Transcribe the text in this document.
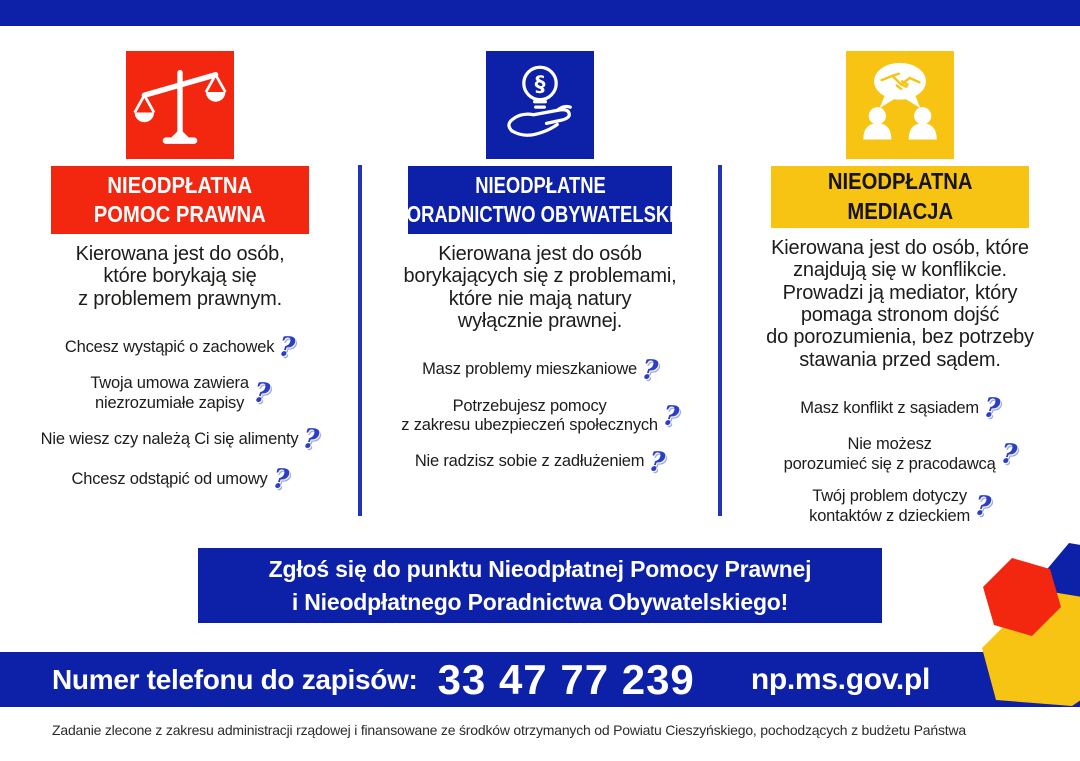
NIEODPŁATNA
POMOC PRAWNA
Kierowana jest do osób,
które borykają się
z problemem prawnym.
Chcesz wystąpić o zachowek ?
Twoja umowa zawiera
niezrozumiałe zapisy ?
Nie wiesz czy należą Ci się alimenty ?
Chcesz odstąpić od umowy ?
§
NIEODPŁATNE
PORADNICTWO OBYWATELSKIE
Kierowana jest do osób
borykających się z problemami,
które nie mają natury
wyłącznie prawnej.
Masz problemy mieszkaniowe ?
Potrzebujesz pomocy
z zakresu ubezpieczeń społecznych ?
Nie radzisz sobie z zadłużeniem ?
NIEODPŁATNA
MEDIACJA
Kierowana jest do osób, które
znajdują się w konflikcie.
Prowadzi ją mediator, który
pomaga stronom dojść
do porozumienia, bez potrzeby
stawania przed sądem.
Masz konflikt z sąsiadem ?
Nie możesz
porozumieć się z pracodawcą ?
Twój problem dotyczy
kontaktów z dzieckiem ?
Zgłoś się do punktu Nieodpłatnej Pomocy Prawnej
i Nieodpłatnego Poradnictwa Obywatelskiego!
Numer telefonu do zapisów: 33 47 77 239 np.ms.gov.pl
Zadanie zlecone z zakresu administracji rządowej i finansowane ze środków otrzymanych od Powiatu Cieszyńskiego, pochodzących z budżetu Państwa
